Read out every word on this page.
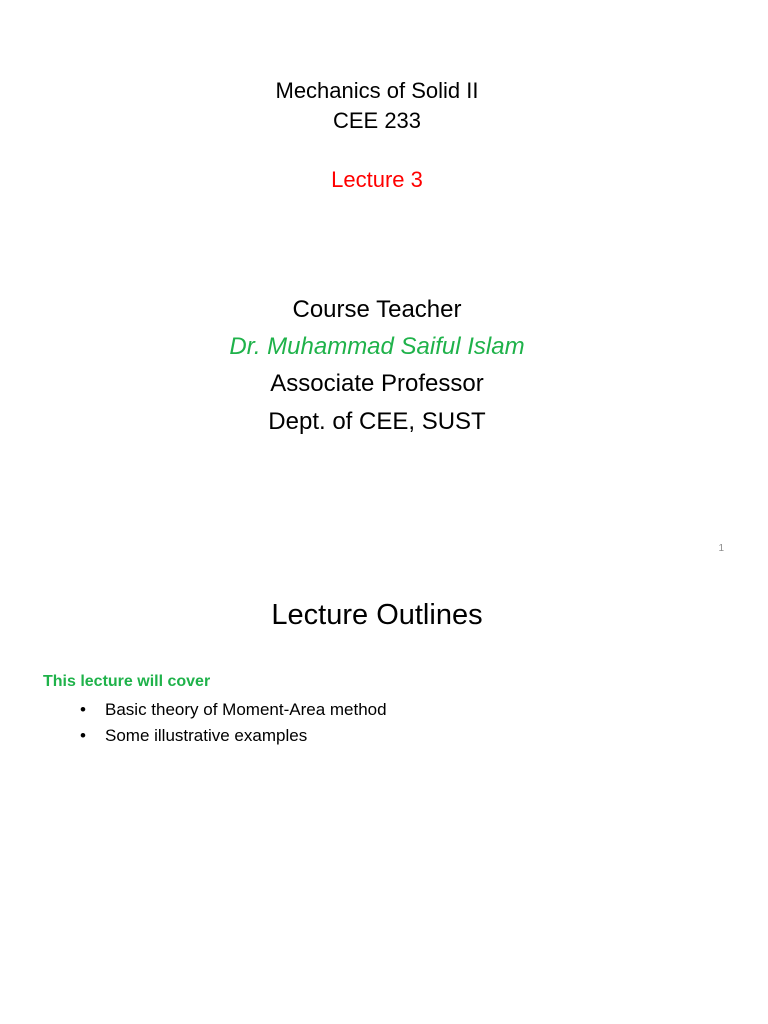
Mechanics of Solid II
CEE 233
Lecture 3
Course Teacher
Dr. Muhammad Saiful Islam
Associate Professor
Dept. of CEE, SUST
1
Lecture Outlines
This lecture will cover
• Basic theory of Moment-Area method
• Some illustrative examples
